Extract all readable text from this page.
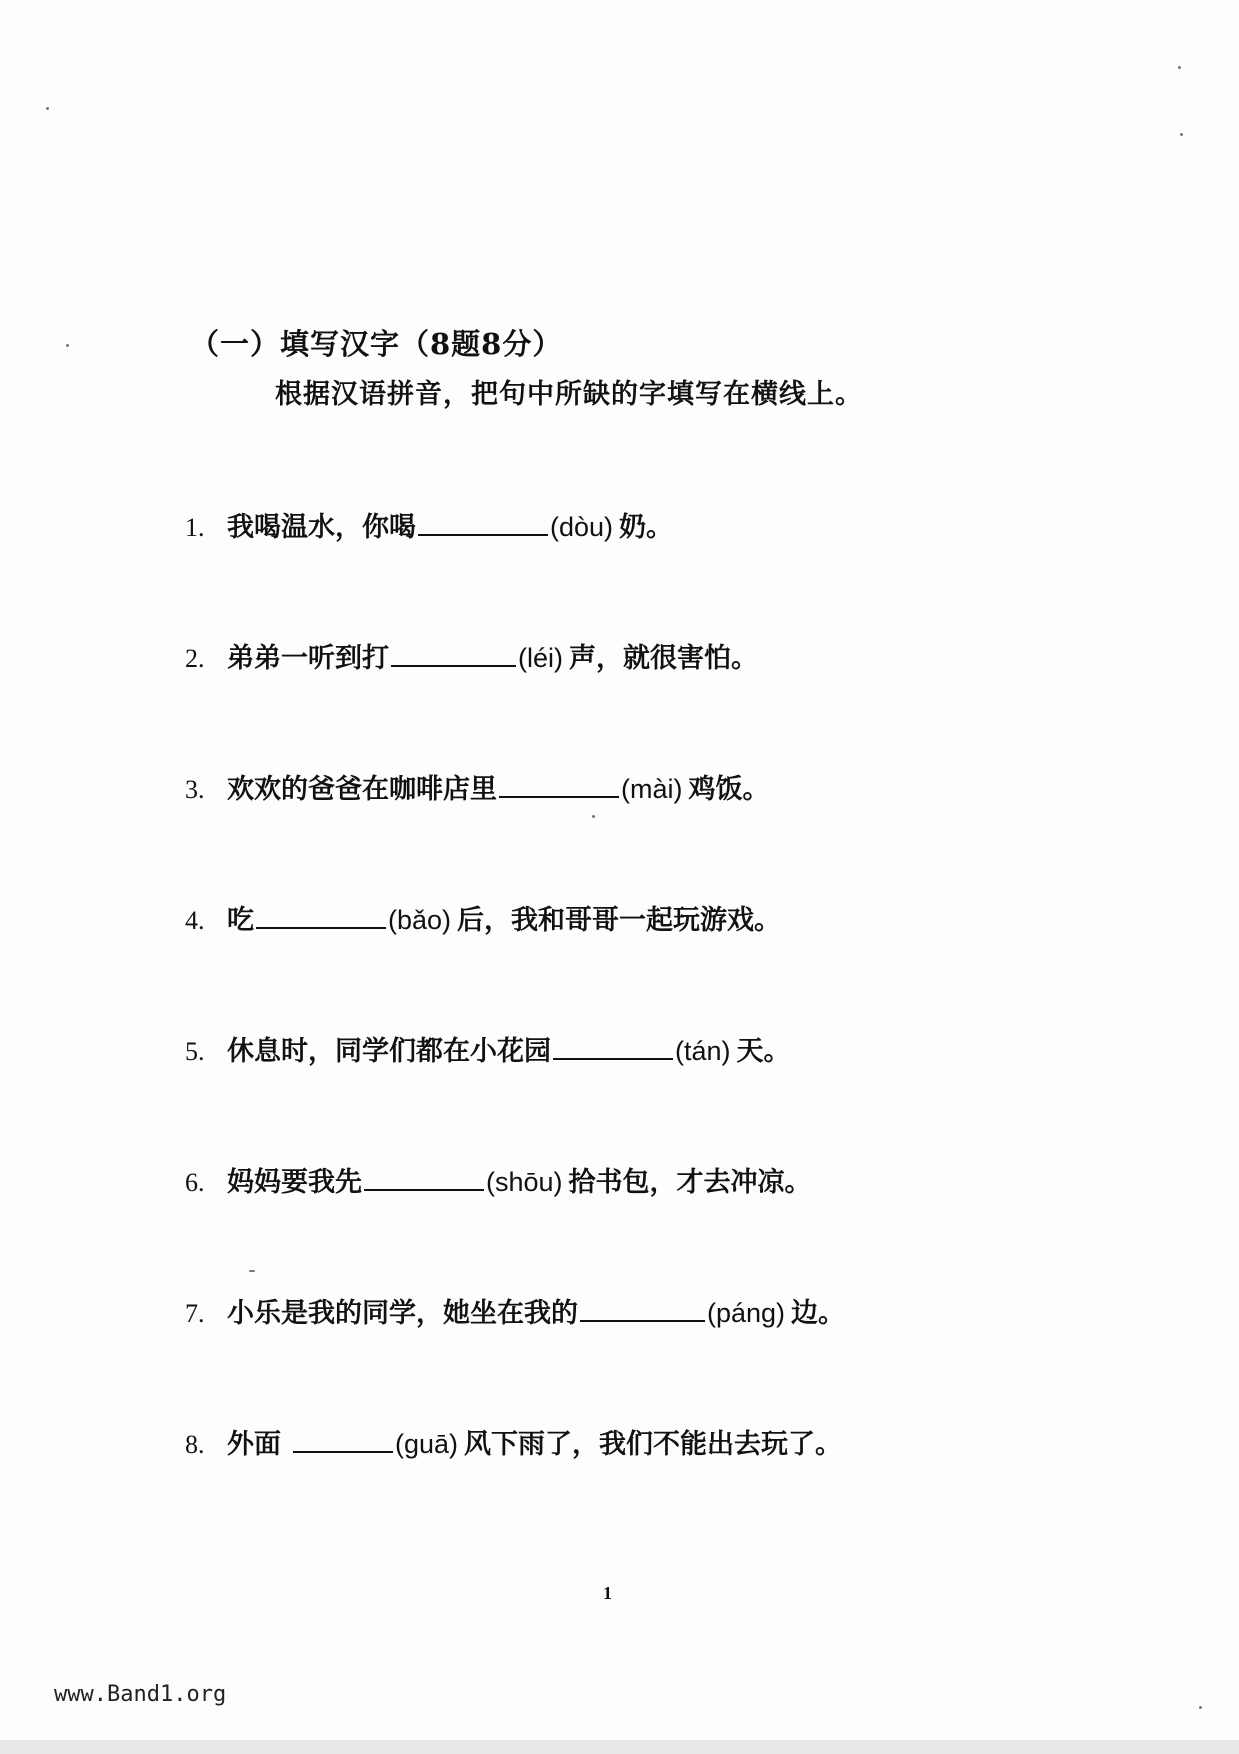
（一）填写汉字（8题8分）
根据汉语拼音，把句中所缺的字填写在横线上。
1. 我喝温水，你喝	(dòu) 奶。
2. 弟弟一听到打	(léi) 声，就很害怕。
3. 欢欢的爸爸在咖啡店里	(mài) 鸡饭。
4. 吃	(bǎo) 后，我和哥哥一起玩游戏。
5. 休息时，同学们都在小花园	(tán) 天。
6. 妈妈要我先	(shōu) 拾书包，才去冲凉。
7. 小乐是我的同学，她坐在我的	(páng) 边。
8. 外面	(guā) 风下雨了，我们不能出去玩了。
1
www.Band1.org
